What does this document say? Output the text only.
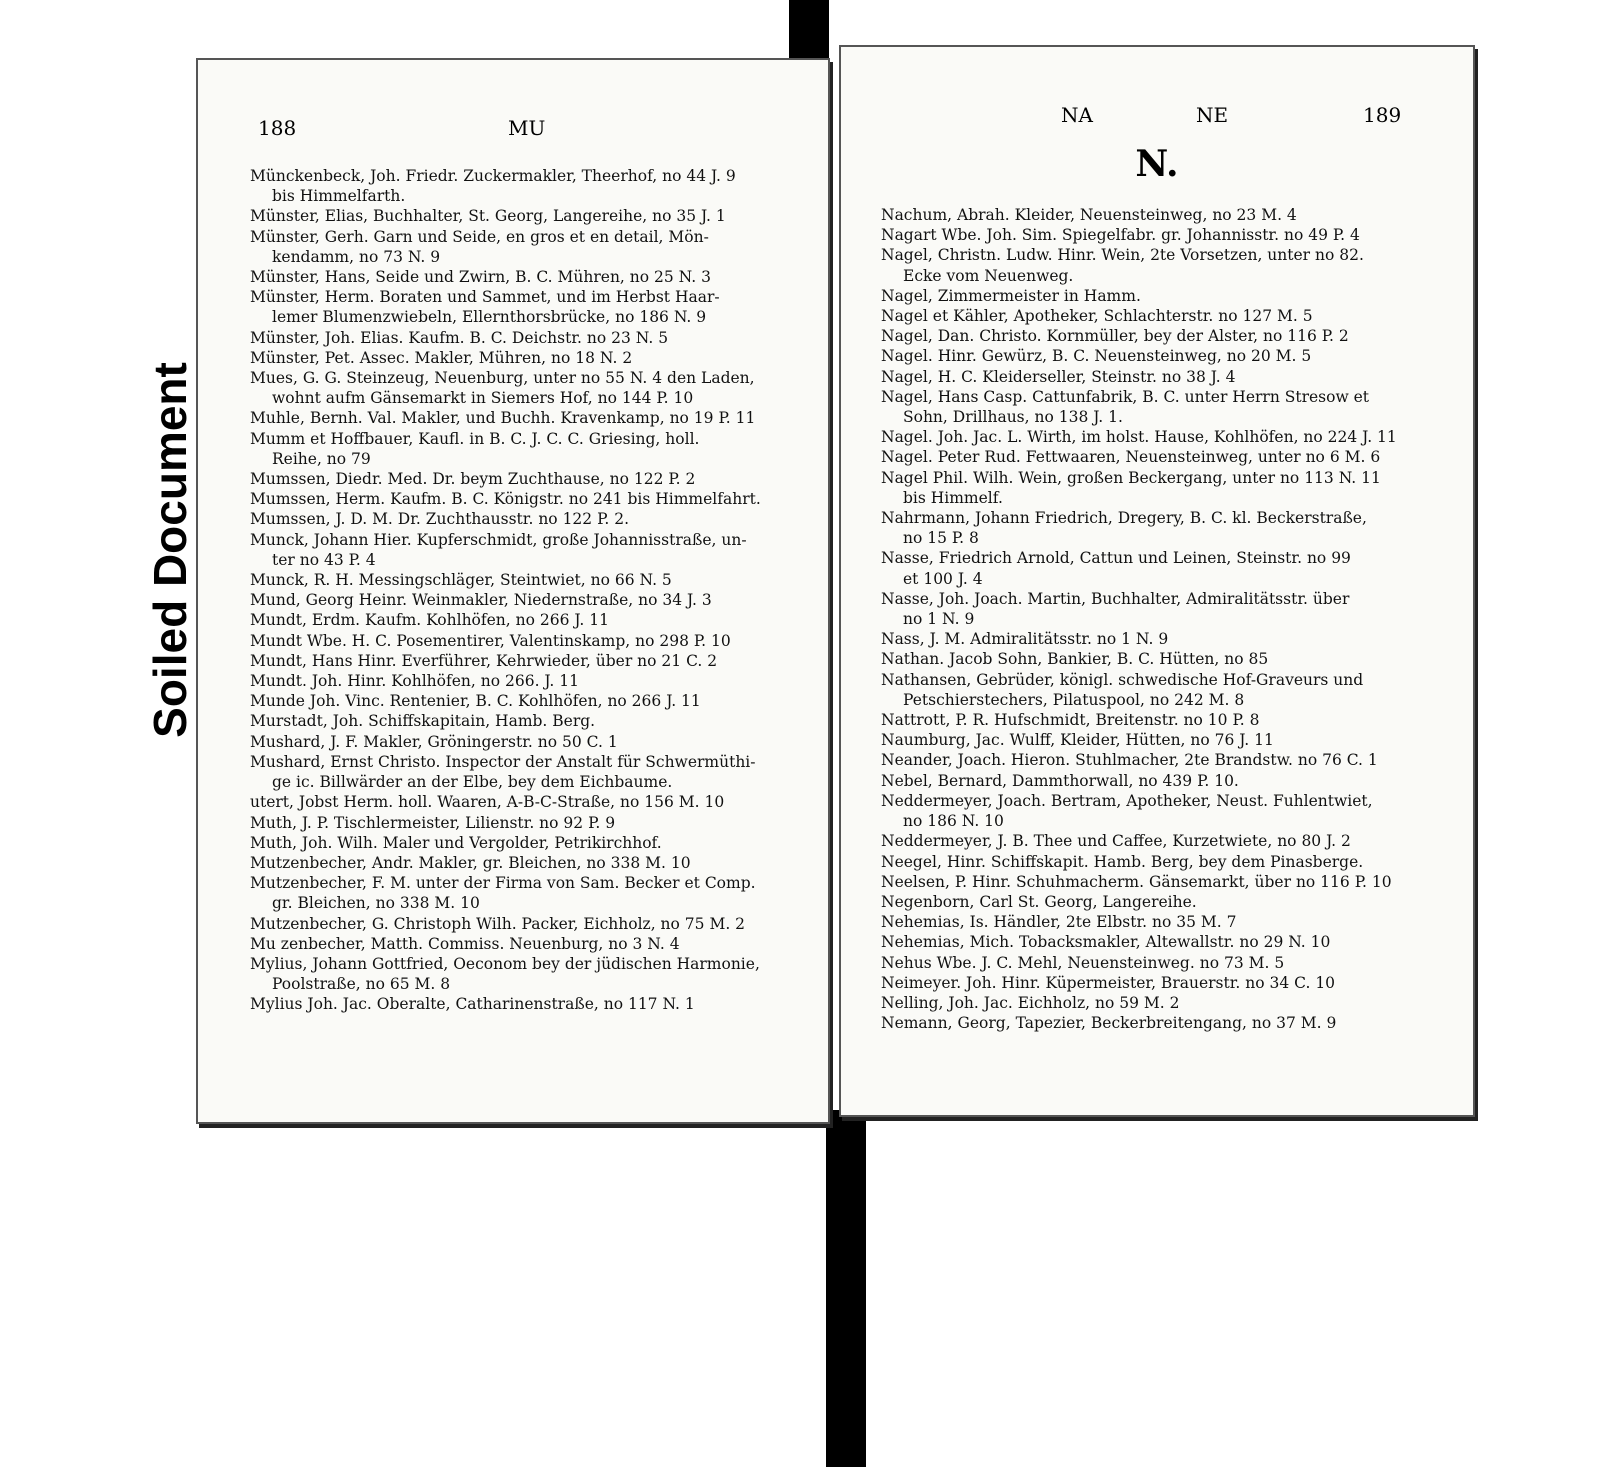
Soiled Document
188	MU
Münckenbeck, Joh. Friedr. Zuckermakler, Theerhof, no 44 J. 9
bis Himmelfarth.
Münster, Elias, Buchhalter, St. Georg, Langereihe, no 35 J. 1
Münster, Gerh. Garn und Seide, en gros et en detail, Mön-
kendamm, no 73 N. 9
Münster, Hans, Seide und Zwirn, B. C. Mühren, no 25 N. 3
Münster, Herm. Boraten und Sammet, und im Herbst Haar-
lemer Blumenzwiebeln, Ellernthorsbrücke, no 186 N. 9
Münster, Joh. Elias. Kaufm. B. C. Deichstr. no 23 N. 5
Münster, Pet. Assec. Makler, Mühren, no 18 N. 2
Mues, G. G. Steinzeug, Neuenburg, unter no 55 N. 4 den Laden,
wohnt aufm Gänsemarkt in Siemers Hof, no 144 P. 10
Muhle, Bernh. Val. Makler, und Buchh. Kravenkamp, no 19 P. 11
Mumm et Hoffbauer, Kaufl. in B. C. J. C. C. Griesing, holl.
Reihe, no 79
Mumssen, Diedr. Med. Dr. beym Zuchthause, no 122 P. 2
Mumssen, Herm. Kaufm. B. C. Königstr. no 241 bis Himmelfahrt.
Mumssen, J. D. M. Dr. Zuchthausstr. no 122 P. 2.
Munck, Johann Hier. Kupferschmidt, große Johannisstraße, un-
ter no 43 P. 4
Munck, R. H. Messingschläger, Steintwiet, no 66 N. 5
Mund, Georg Heinr. Weinmakler, Niedernstraße, no 34 J. 3
Mundt, Erdm. Kaufm. Kohlhöfen, no 266 J. 11
Mundt Wbe. H. C. Posementirer, Valentinskamp, no 298 P. 10
Mundt, Hans Hinr. Everführer, Kehrwieder, über no 21 C. 2
Mundt. Joh. Hinr. Kohlhöfen, no 266. J. 11
Munde Joh. Vinc. Rentenier, B. C. Kohlhöfen, no 266 J. 11
Murstadt, Joh. Schiffskapitain, Hamb. Berg.
Mushard, J. F. Makler, Gröningerstr. no 50 C. 1
Mushard, Ernst Christo. Inspector der Anstalt für Schwermüthi-
ge ic. Billwärder an der Elbe, bey dem Eichbaume.
utert, Jobst Herm. holl. Waaren, A-B-C-Straße, no 156 M. 10
Muth, J. P. Tischlermeister, Lilienstr. no 92 P. 9
Muth, Joh. Wilh. Maler und Vergolder, Petrikirchhof.
Mutzenbecher, Andr. Makler, gr. Bleichen, no 338 M. 10
Mutzenbecher, F. M. unter der Firma von Sam. Becker et Comp.
gr. Bleichen, no 338 M. 10
Mutzenbecher, G. Christoph Wilh. Packer, Eichholz, no 75 M. 2
Mu zenbecher, Matth. Commiss. Neuenburg, no 3 N. 4
Mylius, Johann Gottfried, Oeconom bey der jüdischen Harmonie,
Poolstraße, no 65 M. 8
Mylius Joh. Jac. Oberalte, Catharinenstraße, no 117 N. 1
NA	NE	189
N.
Nachum, Abrah. Kleider, Neuensteinweg, no 23 M. 4
Nagart Wbe. Joh. Sim. Spiegelfabr. gr. Johannisstr. no 49 P. 4
Nagel, Christn. Ludw. Hinr. Wein, 2te Vorsetzen, unter no 82.
Ecke vom Neuenweg.
Nagel, Zimmermeister in Hamm.
Nagel et Kähler, Apotheker, Schlachterstr. no 127 M. 5
Nagel, Dan. Christo. Kornmüller, bey der Alster, no 116 P. 2
Nagel. Hinr. Gewürz, B. C. Neuensteinweg, no 20 M. 5
Nagel, H. C. Kleiderseller, Steinstr. no 38 J. 4
Nagel, Hans Casp. Cattunfabrik, B. C. unter Herrn Stresow et
Sohn, Drillhaus, no 138 J. 1.
Nagel. Joh. Jac. L. Wirth, im holst. Hause, Kohlhöfen, no 224 J. 11
Nagel. Peter Rud. Fettwaaren, Neuensteinweg, unter no 6 M. 6
Nagel Phil. Wilh. Wein, großen Beckergang, unter no 113 N. 11
bis Himmelf.
Nahrmann, Johann Friedrich, Dregery, B. C. kl. Beckerstraße,
no 15 P. 8
Nasse, Friedrich Arnold, Cattun und Leinen, Steinstr. no 99
et 100 J. 4
Nasse, Joh. Joach. Martin, Buchhalter, Admiralitätsstr. über
no 1 N. 9
Nass, J. M. Admiralitätsstr. no 1 N. 9
Nathan. Jacob Sohn, Bankier, B. C. Hütten, no 85
Nathansen, Gebrüder, königl. schwedische Hof-Graveurs und
Petschierstechers, Pilatuspool, no 242 M. 8
Nattrott, P. R. Hufschmidt, Breitenstr. no 10 P. 8
Naumburg, Jac. Wulff, Kleider, Hütten, no 76 J. 11
Neander, Joach. Hieron. Stuhlmacher, 2te Brandstw. no 76 C. 1
Nebel, Bernard, Dammthorwall, no 439 P. 10.
Neddermeyer, Joach. Bertram, Apotheker, Neust. Fuhlentwiet,
no 186 N. 10
Neddermeyer, J. B. Thee und Caffee, Kurzetwiete, no 80 J. 2
Neegel, Hinr. Schiffskapit. Hamb. Berg, bey dem Pinasberge.
Neelsen, P. Hinr. Schuhmacherm. Gänsemarkt, über no 116 P. 10
Negenborn, Carl St. Georg, Langereihe.
Nehemias, Is. Händler, 2te Elbstr. no 35 M. 7
Nehemias, Mich. Tobacksmakler, Altewallstr. no 29 N. 10
Nehus Wbe. J. C. Mehl, Neuensteinweg. no 73 M. 5
Neimeyer. Joh. Hinr. Küpermeister, Brauerstr. no 34 C. 10
Nelling, Joh. Jac. Eichholz, no 59 M. 2
Nemann, Georg, Tapezier, Beckerbreitengang, no 37 M. 9
